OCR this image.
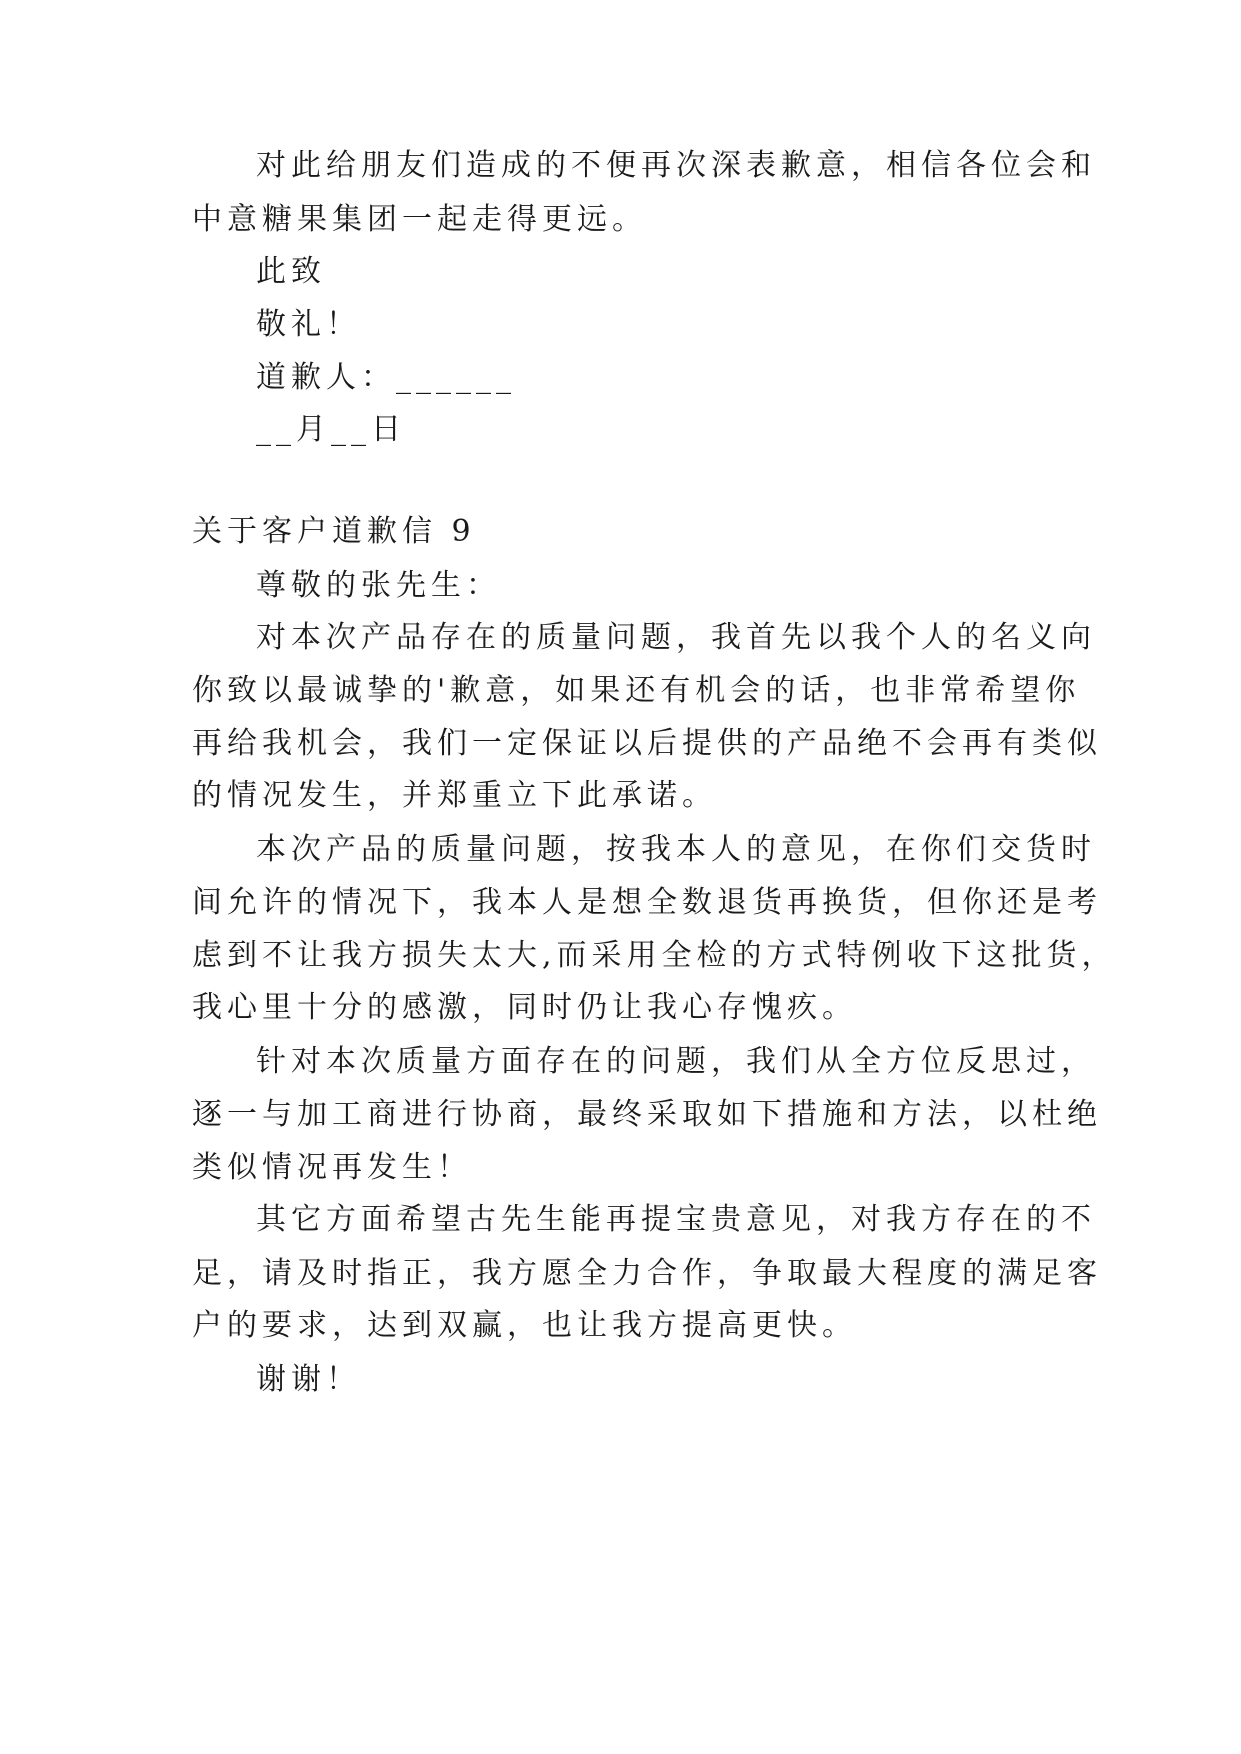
对此给朋友们造成的不便再次深表歉意，相信各位会和
中意糖果集团一起走得更远。
此致
敬礼！
道歉人：______
__月__日
关于客户道歉信 9
尊敬的张先生：
对本次产品存在的质量问题，我首先以我个人的名义向
你致以最诚挚的'歉意，如果还有机会的话，也非常希望你
再给我机会，我们一定保证以后提供的产品绝不会再有类似
的情况发生，并郑重立下此承诺。
本次产品的质量问题，按我本人的意见，在你们交货时
间允许的情况下，我本人是想全数退货再换货，但你还是考
虑到不让我方损失太大,而采用全检的方式特例收下这批货，
我心里十分的感激，同时仍让我心存愧疚。
针对本次质量方面存在的问题，我们从全方位反思过，
逐一与加工商进行协商，最终采取如下措施和方法，以杜绝
类似情况再发生！
其它方面希望古先生能再提宝贵意见，对我方存在的不
足，请及时指正，我方愿全力合作，争取最大程度的满足客
户的要求，达到双赢，也让我方提高更快。
谢谢！
